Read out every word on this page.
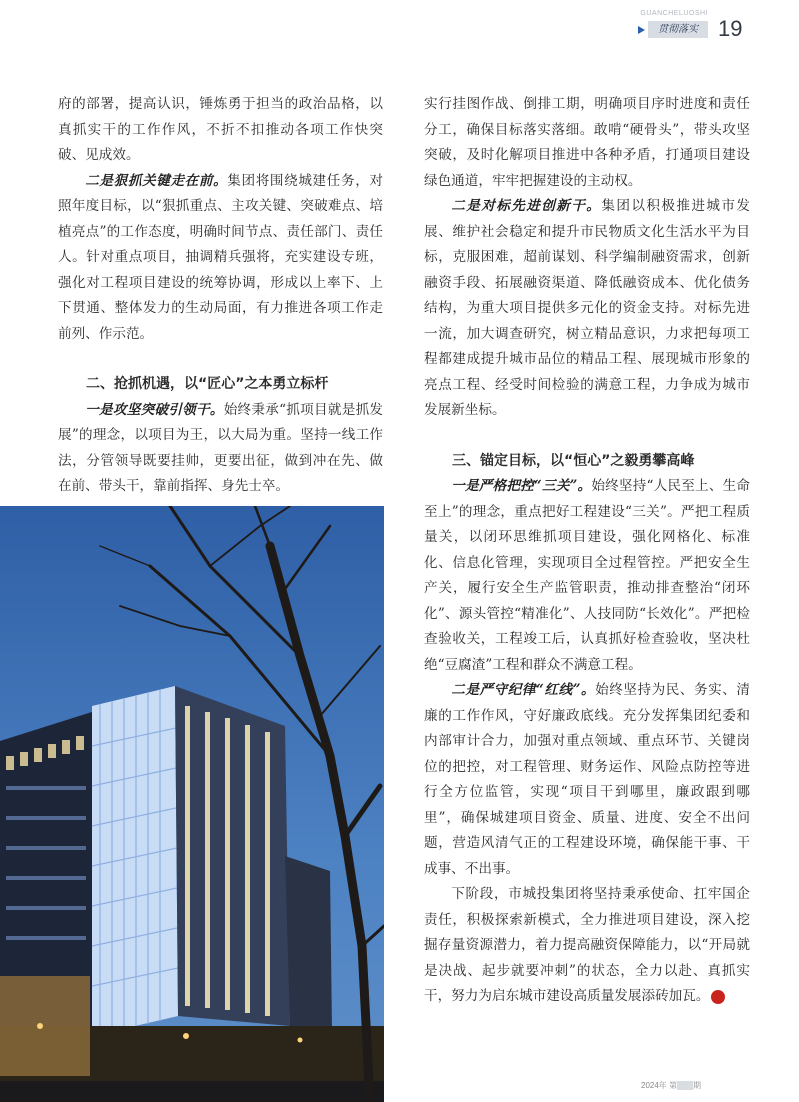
GUANCHELUOSHI
贯彻落实 19

府的部署，提高认识，锤炼勇于担当的政治品格，以真抓实干的工作作风，不折不扣推动各项工作快突破、见成效。

二是狠抓关键走在前。集团将围绕城建任务，对照年度目标，以“狠抓重点、主攻关键、突破难点、培植亮点”的工作态度，明确时间节点、责任部门、责任人。针对重点项目，抽调精兵强将，充实建设专班，强化对工程项目建设的统筹协调，形成以上率下、上下贯通、整体发力的生动局面，有力推进各项工作走前列、作示范。

二、抢抓机遇，以“匠心”之本勇立标杆

一是攻坚突破引领干。始终秉承“抓项目就是抓发展”的理念，以项目为王，以大局为重。坚持一线工作法，分管领导既要挂帅，更要出征，做到冲在先、做在前、带头干，靠前指挥、身先士卒。

实行挂图作战、倒排工期，明确项目序时进度和责任分工，确保目标落实落细。敢啃“硬骨头”，带头攻坚突破，及时化解项目推进中各种矛盾，打通项目建设绿色通道，牢牢把握建设的主动权。

二是对标先进创新干。集团以积极推进城市发展、维护社会稳定和提升市民物质文化生活水平为目标，克服困难，超前谋划、科学编制融资需求，创新融资手段、拓展融资渠道、降低融资成本、优化债务结构，为重大项目提供多元化的资金支持。对标先进一流，加大调查研究，树立精品意识，力求把每项工程都建成提升城市品位的精品工程、展现城市形象的亮点工程、经受时间检验的满意工程，力争成为城市发展新坐标。

三、锚定目标，以“恒心”之毅勇攀高峰

一是严格把控“三关”。始终坚持“人民至上、生命至上”的理念，重点把好工程建设“三关”。严把工程质量关，以闭环思维抓项目建设，强化网格化、标准化、信息化管理，实现项目全过程管控。严把安全生产关，履行安全生产监管职责，推动排查整治“闭环化”、源头管控“精准化”、人技同防“长效化”。严把检查验收关，工程竣工后，认真抓好检查验收，坚决杜绝“豆腐渣”工程和群众不满意工程。

二是严守纪律“红线”。始终坚持为民、务实、清廉的工作作风，守好廉政底线。充分发挥集团纪委和内部审计合力，加强对重点领域、重点环节、关键岗位的把控，对工程管理、财务运作、风险点防控等进行全方位监管，实现“项目干到哪里，廉政跟到哪里”，确保城建项目资金、质量、进度、安全不出问题，营造风清气正的工程建设环境，确保能干事、干成事、不出事。

下阶段，市城投集团将坚持秉承使命、扛牢国企责任，积极探索新模式，全力推进项目建设，深入挖掘存量资源潜力，着力提高融资保障能力，以“开局就是决战、起步就要冲刺”的状态，全力以赴、真抓实干，努力为启东城市建设高质量发展添砖加瓦。	✿

2024年 第 期
